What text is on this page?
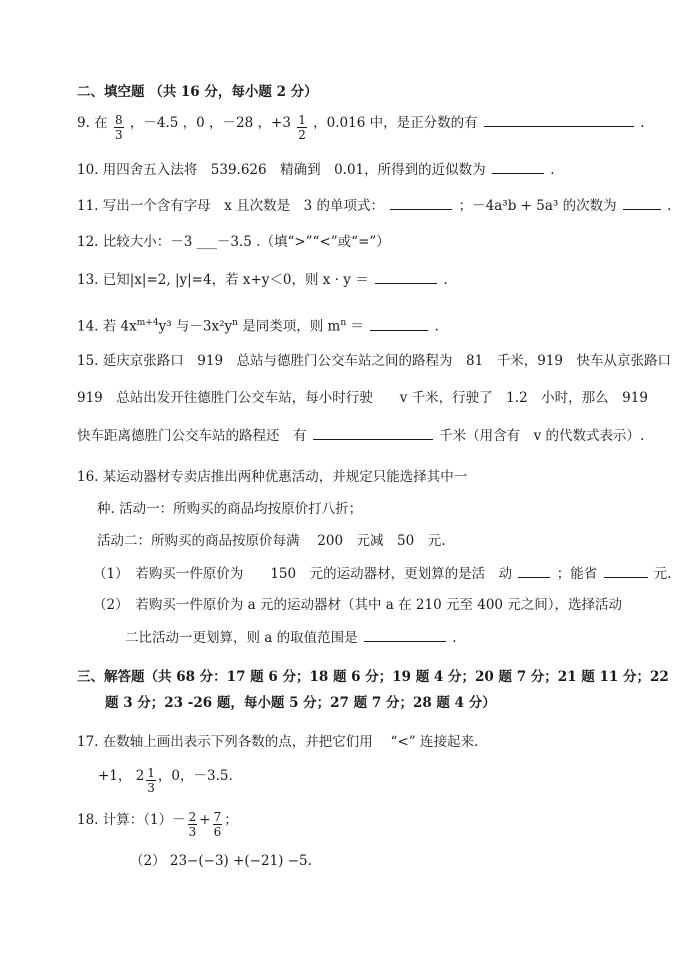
二、填空题 （共 16 分，每小题 2 分）
9. 在 $\frac{8}{3}$ ，－4.5 ，0 ，－28 ，$+3 \frac{1}{2}$ ，0.016 中，是正分数的有	.
10. 用四舍五入法将　539.626　精确到　0.01，所得到的近似数为	.
11. 写出一个含有字母　x 且次数是　3 的单项式：	；－4a³b + 5a³ 的次数为	.
12. 比较大小：－3 ___－3.5 .（填“>”“<”或“=”）
13. 已知|x|=2, |y|=4，若 x+y＜0，则 x · y ＝	.
14. 若 $4x^{m+4}y^3$ 与$-3x^2y^n$ 是同类项，则 $m^n$ ＝	.
15. 延庆京张路口　919　总站与德胜门公交车站之间的路程为　81　千米，919　快车从京张路口
919　总站出发开往德胜门公交车站，每小时行驶　　v 千米，行驶了　1.2　小时，那么　919
快车距离德胜门公交车站的路程还　有	千米（用含有　v 的代数式表示）.
16. 某运动器材专卖店推出两种优惠活动，并规定只能选择其中一
种. 活动一：所购买的商品均按原价打八折；
活动二：所购买的商品按原价每满　 200　元减　50　元.
（1）　若购买一件原价为　　150　元的运动器材，更划算的是活　动	；能省	元.
（2）　若购买一件原价为 a 元的运动器材（其中 a 在 210 元至 400 元之间），选择活动
二比活动一更划算，则 a 的取值范围是	.
三、解答题（共 68 分：17 题 6 分；18 题 6 分；19 题 4 分；20 题 7 分；21 题 11 分；22
题 3 分；23 -26 题，每小题 5 分；27 题 7 分；28 题 4 分）
17. 在数轴上画出表示下列各数的点，并把它们用　 “<” 连接起来.
+1， $2 \frac{1}{3}$ ，0，－3.5.
18. 计算：$(1)- \frac{2}{3} + \frac{7}{6}$ ；
（2） 23−(−3) +(−21) −5.
